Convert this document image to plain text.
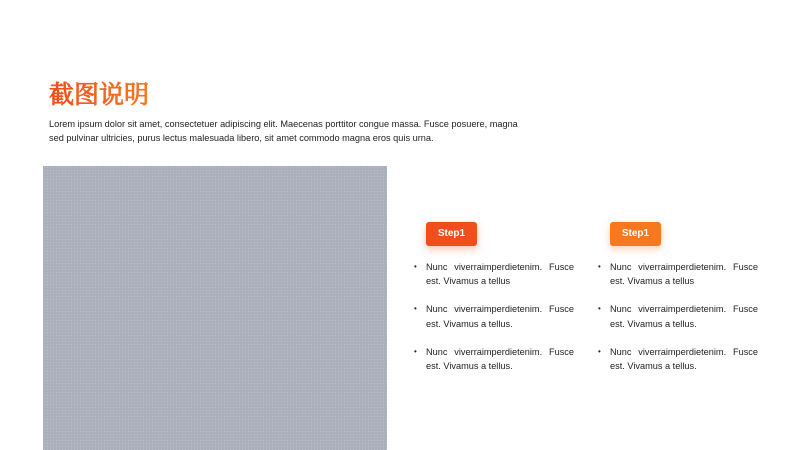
截图说明

Lorem ipsum dolor sit amet, consectetuer adipiscing elit. Maecenas porttitor congue massa. Fusce posuere, magna
sed pulvinar ultricies, purus lectus malesuada libero, sit amet commodo magna eros quis urna.

Step1
• Nunc viverraimperdietenim. Fusce
est. Vivamus a tellus
• Nunc viverraimperdietenim. Fusce
est. Vivamus a tellus.
• Nunc viverraimperdietenim. Fusce
est. Vivamus a tellus.
Step1
• Nunc viverraimperdietenim. Fusce
est. Vivamus a tellus
• Nunc viverraimperdietenim. Fusce
est. Vivamus a tellus.
• Nunc viverraimperdietenim. Fusce
est. Vivamus a tellus.
